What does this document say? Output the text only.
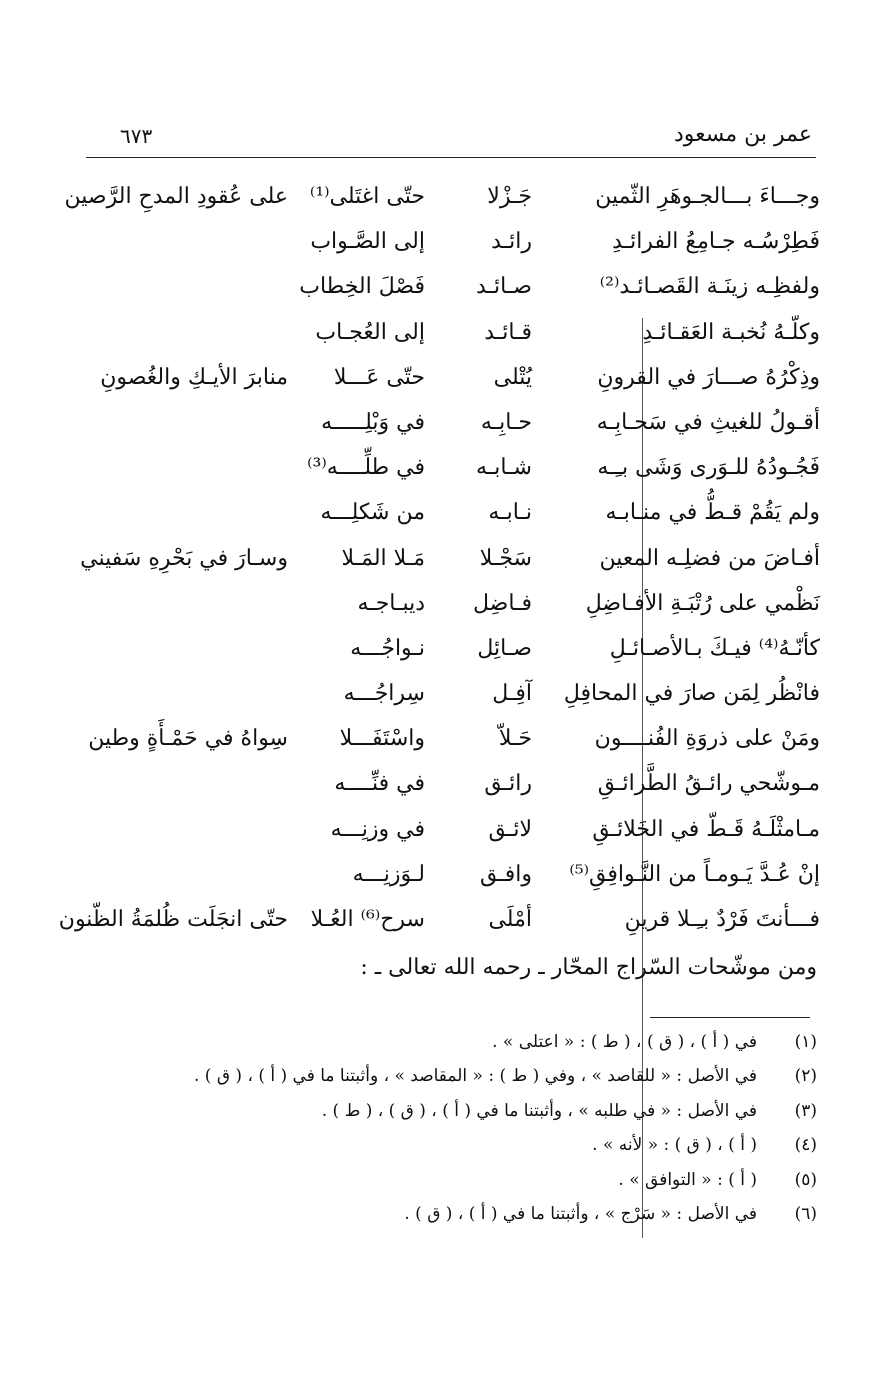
عمر بن مسعود
٦٧٣
وجـــاءَ بـــالجـوهَرِ الثّمين
جَـزْلا
حتّى اغتَلى⁽¹⁾
على عُقودِ المدحِ الرَّصين
فَطِرْسُـه جـامِعُ الفرائـدِ
رائـد
إلى الصَّـواب
ولفظِـه زينَـة القَصـائـد⁽²⁾
صـائـد
فَصْلَ الخِطاب
وكلّـهُ نُخبـة العَقـائـدِ
قـائـد
إلى العُجـاب
وذِكْرُهُ صـــارَ في القرونِ
يُتْلى
حتّى عَـــلا
منابرَ الأيـكِ والغُصونِ
أقـولُ للغيثِ في سَحـابِـه
حـابِـه
في وَبْلِـــــه
فَجُـودُهُ للـوَرى وَشَى بـِـه
شـابـه
في طلِّــــه⁽³⁾
ولم يَقُمْ قـطُّ في منـابـه
نـابـه
من شَكلِـــه
أفـاضَ من فضلِـه المعين
سَجْـلا
مَـلا المَـلا
وسـارَ في بَحْرِهِ سَفيني
نَظْمي على رُتْبَـةِ الأفـاضِلِ
فـاضِل
ديبـاجـه
كأنّـهُ⁽⁴⁾ فيـكَ بـالأصـائـلِ
صـائِل
نـواجُـــه
فانْظُر لِمَن صارَ في المحافِلِ
آفِـل
سِراجُـــه
ومَنْ على ذروَةِ الفُنــــون
حَـلاّ
واسْتَفَـــلا
سِواهُ في حَمْـأَةٍ وطين
مـوشّحي رائـقُ الطَّرائـقِ
رائـق
في فنِّــــه
مـامثْلَـهُ قَـطّ في الخَلائـقِ
لائـق
في وزنِـــه
إنْ عُـدَّ يَـومـاً من النَّـوافِقِ⁽⁵⁾
وافـق
لـوَزنِـــه
فـــأنتَ فَرْدٌ بـِـلا قرينِ
أمْلَى
سرح⁽⁶⁾ العُـلا
حتّى انجَلَت ظُلمَةُ الظّنون
ومن موشّحات السّراج المحّار ـ رحمه الله تعالى ـ :
(١)
في ( أ ) ، ( ق ) ، ( ط ) : « اعتلى » .
(٢)
في الأصل : « للقاصد » ، وفي ( ط ) : « المقاصد » ، وأثبتنا ما في ( أ ) ، ( ق ) .
(٣)
في الأصل : « في طلبه » ، وأثبتنا ما في ( أ ) ، ( ق ) ، ( ط ) .
(٤)
( أ ) ، ( ق ) : « لأنه » .
(٥)
( أ ) : « التوافق » .
(٦)
في الأصل : « سَرْج » ، وأثبتنا ما في ( أ ) ، ( ق ) .
